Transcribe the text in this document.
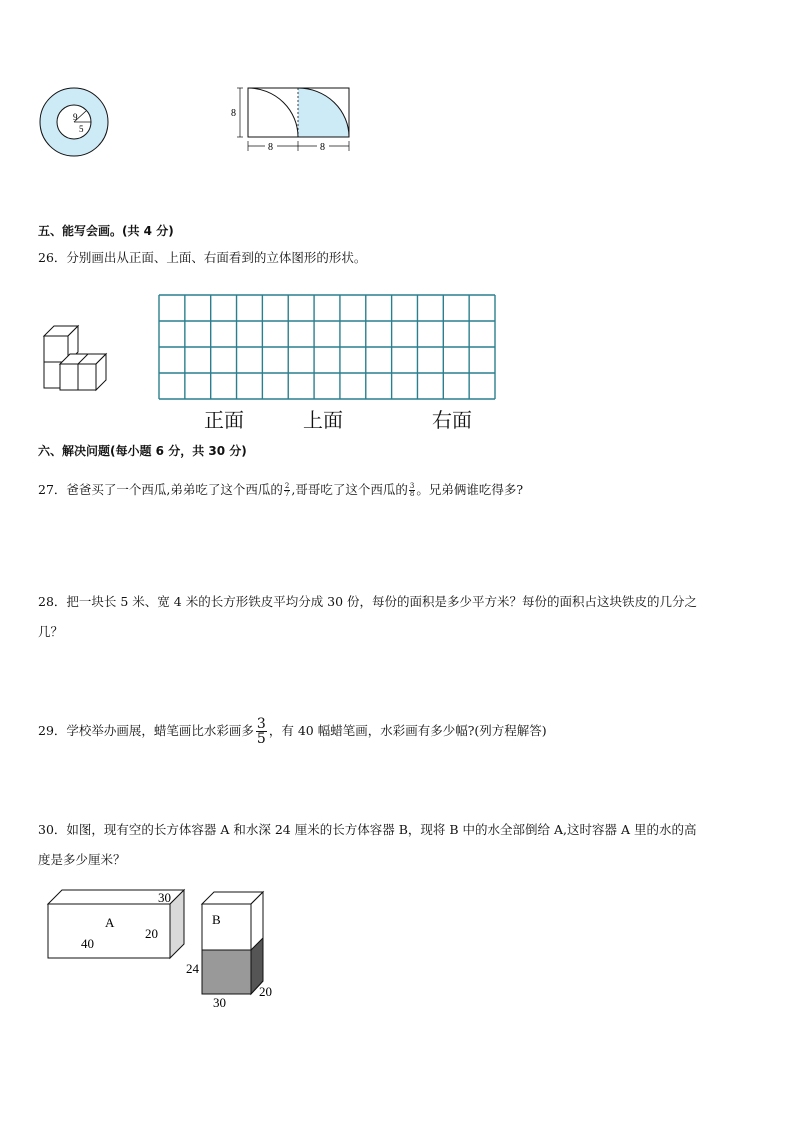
9
5
8
8	8
五、能写会画。(共 4 分)
26．分别画出从正面、上面、右面看到的立体图形的形状。
正面	上面	右面
六、解决问题(每小题 6 分，共 30 分)
27．爸爸买了一个西瓜,弟弟吃了这个西瓜的 $\frac{2}{7}$ ,哥哥吃了这个西瓜的 $\frac{3}{8}$ 。兄弟俩谁吃得多?
28．把一块长 5 米、宽 4 米的长方形铁皮平均分成 30 份，每份的面积是多少平方米？每份的面积占这块铁皮的几分之
几？
29．学校举办画展，蜡笔画比水彩画多 $\frac{3}{5}$ ，有 40 幅蜡笔画，水彩画有多少幅?(列方程解答)
30．如图，现有空的长方体容器 A 和水深 24 厘米的长方体容器 B，现将 B 中的水全部倒给 A,这时容器 A 里的水的高
度是多少厘米？
A
40
20
30
B
24
30
20
